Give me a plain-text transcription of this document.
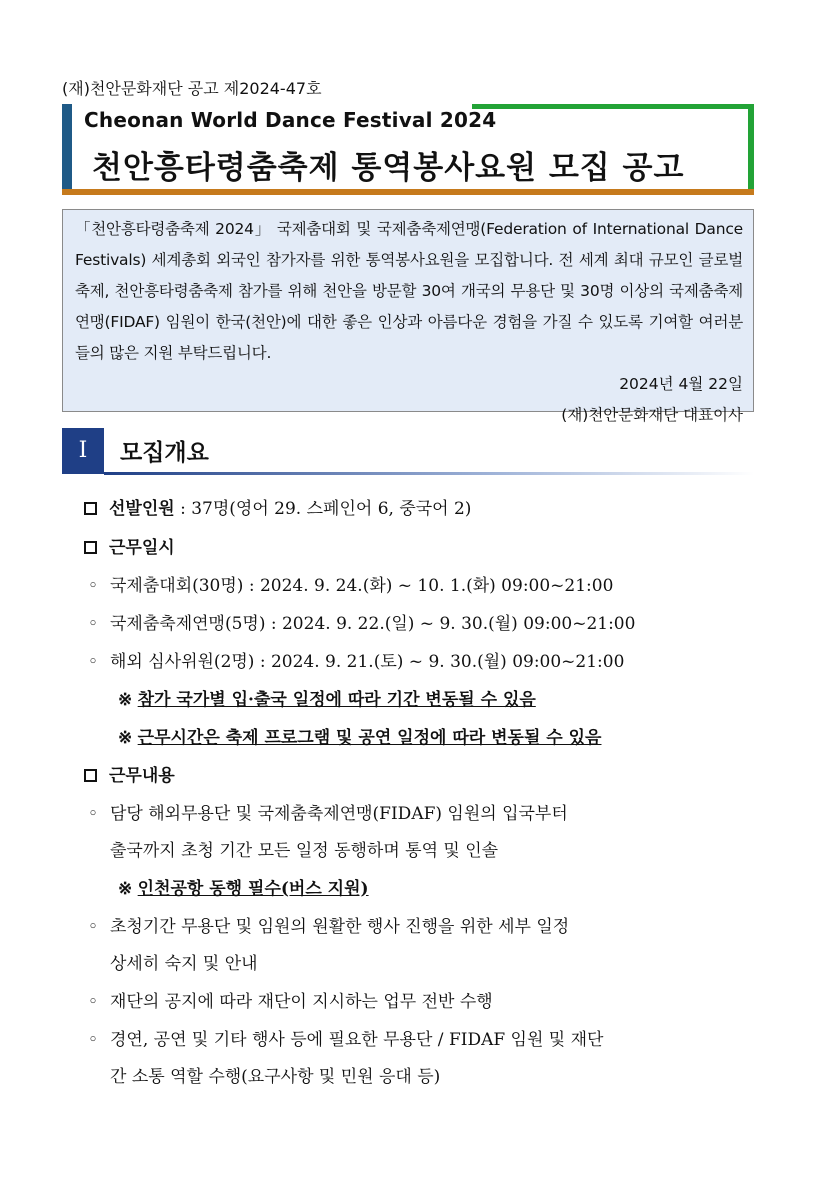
(재)천안문화재단 공고 제2024-47호
Cheonan World Dance Festival 2024
천안흥타령춤축제 통역봉사요원 모집 공고

「천안흥타령춤축제 2024」 국제춤대회 및 국제춤축제연맹(Federation of International Dance Festivals) 세계총회 외국인 참가자를 위한 통역봉사요원을 모집합니다. 전 세계 최대 규모인 글로벌 축제, 천안흥타령춤축제 참가를 위해 천안을 방문할 30여 개국의 무용단 및 30명 이상의 국제춤축제연맹(FIDAF) 임원이 한국(천안)에 대한 좋은 인상과 아름다운 경험을 가질 수 있도록 기여할 여러분들의 많은 지원 부탁드립니다.

2024년 4월 22일
(재)천안문화재단 대표이사
I	모집개요
선발인원 : 37명(영어 29. 스페인어 6, 중국어 2)
근무일시
◦ 국제춤대회(30명) : 2024. 9. 24.(화) ~ 10. 1.(화) 09:00~21:00
◦ 국제춤축제연맹(5명) : 2024. 9. 22.(일) ~ 9. 30.(월) 09:00~21:00
◦ 해외 심사위원(2명) : 2024. 9. 21.(토) ~ 9. 30.(월) 09:00~21:00
※ 참가 국가별 입·출국 일정에 따라 기간 변동될 수 있음
※ 근무시간은 축제 프로그램 및 공연 일정에 따라 변동될 수 있음
근무내용
◦ 담당 해외무용단 및 국제춤축제연맹(FIDAF) 임원의 입국부터
출국까지 초청 기간 모든 일정 동행하며 통역 및 인솔
※ 인천공항 동행 필수(버스 지원)
◦ 초청기간 무용단 및 임원의 원활한 행사 진행을 위한 세부 일정
상세히 숙지 및 안내
◦ 재단의 공지에 따라 재단이 지시하는 업무 전반 수행
◦ 경연, 공연 및 기타 행사 등에 필요한 무용단 / FIDAF 임원 및 재단
간 소통 역할 수행(요구사항 및 민원 응대 등)
